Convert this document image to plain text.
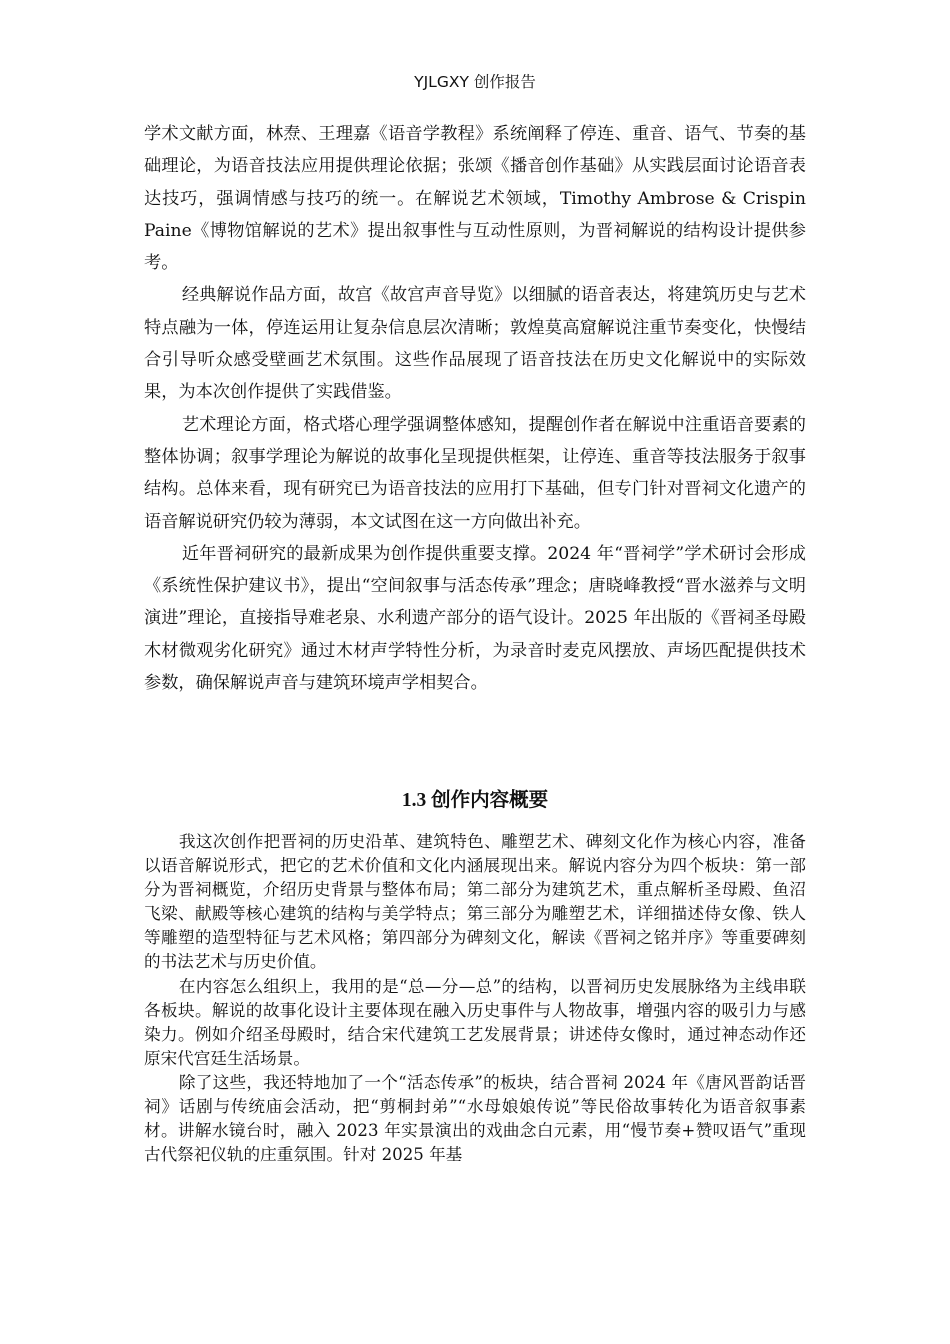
YJLGXY 创作报告

学术文献方面，林焘、王理嘉《语音学教程》系统阐释了停连、重音、语气、节奏的基础理论，为语音技法应用提供理论依据；张颂《播音创作基础》从实践层面讨论语音表达技巧，强调情感与技巧的统一。在解说艺术领域，Timothy Ambrose & Crispin Paine《博物馆解说的艺术》提出叙事性与互动性原则，为晋祠解说的结构设计提供参考。

经典解说作品方面，故宫《故宫声音导览》以细腻的语音表达，将建筑历史与艺术特点融为一体，停连运用让复杂信息层次清晰；敦煌莫高窟解说注重节奏变化，快慢结合引导听众感受壁画艺术氛围。这些作品展现了语音技法在历史文化解说中的实际效果，为本次创作提供了实践借鉴。

艺术理论方面，格式塔心理学强调整体感知，提醒创作者在解说中注重语音要素的整体协调；叙事学理论为解说的故事化呈现提供框架，让停连、重音等技法服务于叙事结构。总体来看，现有研究已为语音技法的应用打下基础，但专门针对晋祠文化遗产的语音解说研究仍较为薄弱，本文试图在这一方向做出补充。

近年晋祠研究的最新成果为创作提供重要支撑。2024 年“晋祠学”学术研讨会形成《系统性保护建议书》，提出“空间叙事与活态传承”理念；唐晓峰教授“晋水滋养与文明演进”理论，直接指导难老泉、水利遗产部分的语气设计。2025 年出版的《晋祠圣母殿木材微观劣化研究》通过木材声学特性分析，为录音时麦克风摆放、声场匹配提供技术参数，确保解说声音与建筑环境声学相契合。

1.3 创作内容概要

我这次创作把晋祠的历史沿革、建筑特色、雕塑艺术、碑刻文化作为核心内容，准备以语音解说形式，把它的艺术价值和文化内涵展现出来。解说内容分为四个板块：第一部分为晋祠概览，介绍历史背景与整体布局；第二部分为建筑艺术，重点解析圣母殿、鱼沼飞梁、献殿等核心建筑的结构与美学特点；第三部分为雕塑艺术，详细描述侍女像、铁人等雕塑的造型特征与艺术风格；第四部分为碑刻文化，解读《晋祠之铭并序》等重要碑刻的书法艺术与历史价值。

在内容怎么组织上，我用的是“总—分—总”的结构，以晋祠历史发展脉络为主线串联各板块。解说的故事化设计主要体现在融入历史事件与人物故事，增强内容的吸引力与感染力。例如介绍圣母殿时，结合宋代建筑工艺发展背景；讲述侍女像时，通过神态动作还原宋代宫廷生活场景。

除了这些，我还特地加了一个“活态传承”的板块，结合晋祠 2024 年《唐风晋韵话晋祠》话剧与传统庙会活动，把“剪桐封弟”“水母娘娘传说”等民俗故事转化为语音叙事素材。讲解水镜台时，融入 2023 年实景演出的戏曲念白元素，用“慢节奏+赞叹语气”重现古代祭祀仪轨的庄重氛围。针对 2025 年基
